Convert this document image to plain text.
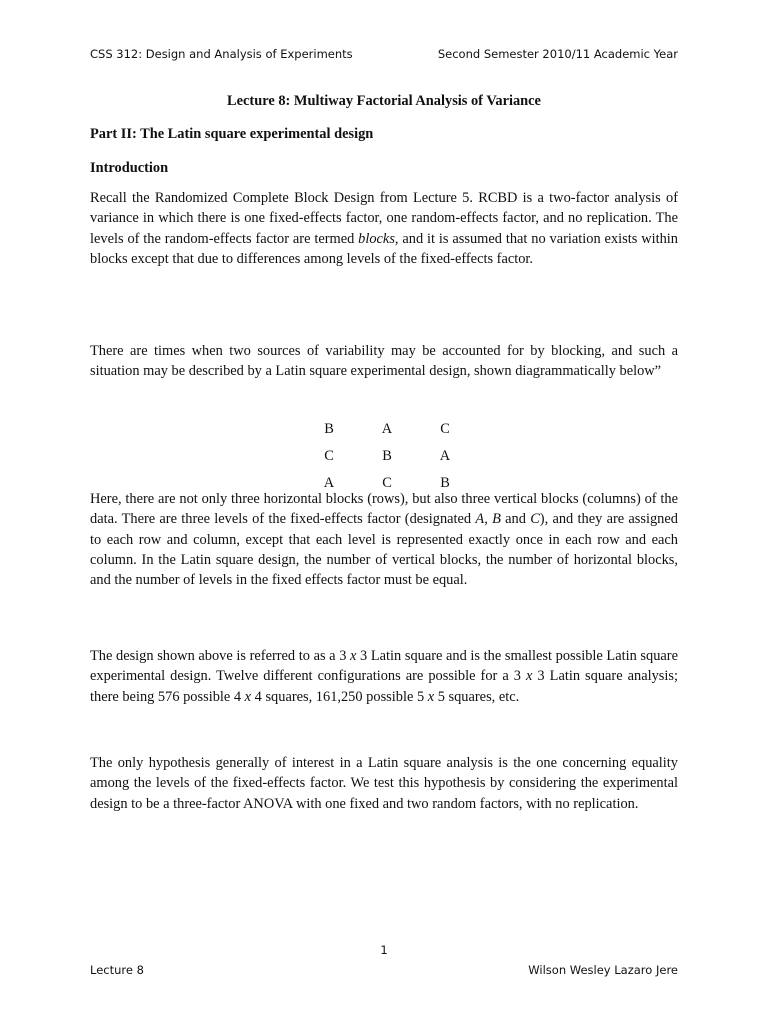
CSS 312: Design and Analysis of Experiments	Second Semester 2010/11 Academic Year
Lecture 8: Multiway Factorial Analysis of Variance
Part II: The Latin square experimental design
Introduction

Recall the Randomized Complete Block Design from Lecture 5. RCBD is a two-factor analysis of variance in which there is one fixed-effects factor, one random-effects factor, and no replication. The levels of the random-effects factor are termed blocks, and it is assumed that no variation exists within blocks except that due to differences among levels of the fixed-effects factor.

There are times when two sources of variability may be accounted for by blocking, and such a situation may be described by a Latin square experimental design, shown diagrammatically below”

B	A	C
C	B	A
A	C	B

Here, there are not only three horizontal blocks (rows), but also three vertical blocks (columns) of the data. There are three levels of the fixed-effects factor (designated A, B and C), and they are assigned to each row and column, except that each level is represented exactly once in each row and each column. In the Latin square design, the number of vertical blocks, the number of horizontal blocks, and the number of levels in the fixed effects factor must be equal.

The design shown above is referred to as a 3 x 3 Latin square and is the smallest possible Latin square experimental design. Twelve different configurations are possible for a 3 x 3 Latin square analysis; there being 576 possible 4 x 4 squares, 161,250 possible 5 x 5 squares, etc.

The only hypothesis generally of interest in a Latin square analysis is the one concerning equality among the levels of the fixed-effects factor. We test this hypothesis by considering the experimental design to be a three-factor ANOVA with one fixed and two random factors, with no replication.

1
Lecture 8	Wilson Wesley Lazaro Jere
